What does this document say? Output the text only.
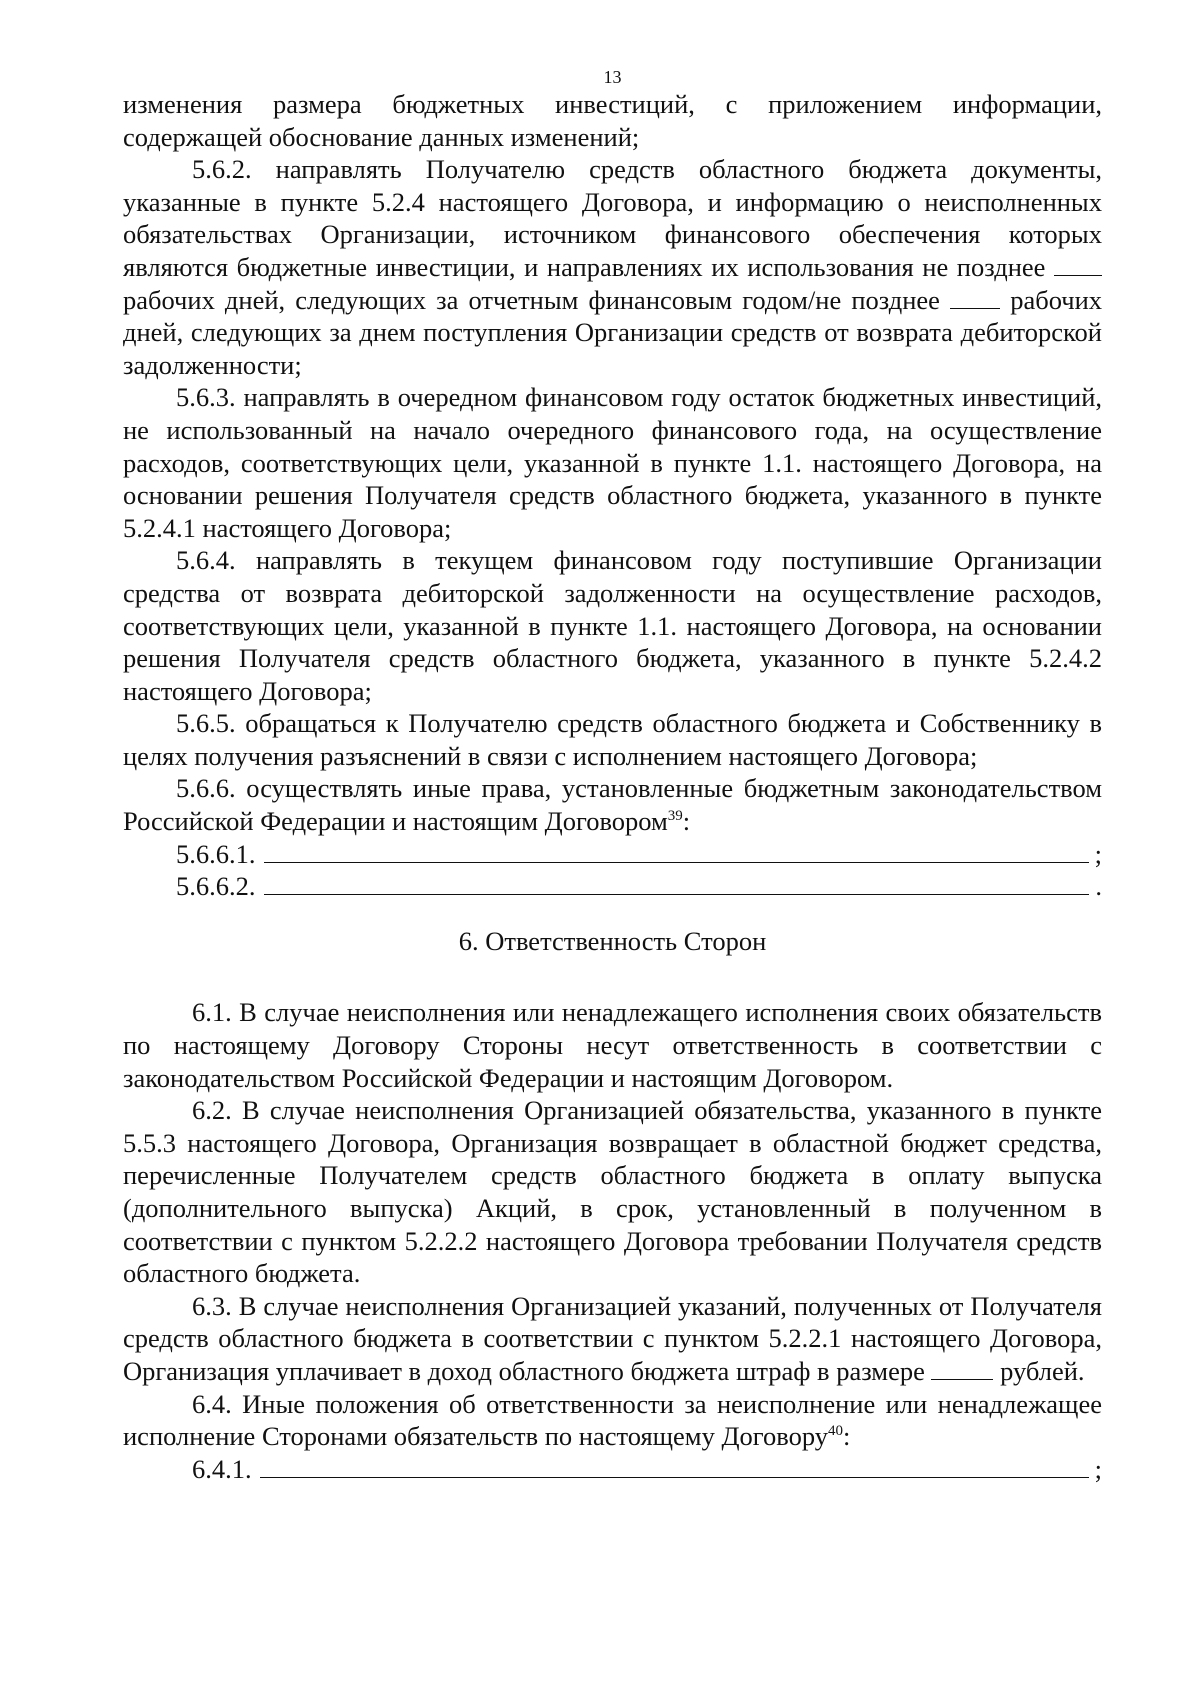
13

изменения размера бюджетных инвестиций, с приложением информации, содержащей обоснование данных изменений;

5.6.2. направлять Получателю средств областного бюджета документы, указанные в пункте 5.2.4 настоящего Договора, и информацию о неисполненных обязательствах Организации, источником финансового обеспечения которых являются бюджетные инвестиции, и направлениях их использования не позднее  рабочих дней, следующих за отчетным финансовым годом/не позднее	рабочих дней, следующих за днем поступления Организации средств от возврата дебиторской задолженности;

5.6.3. направлять в очередном финансовом году остаток бюджетных инвестиций, не использованный на начало очередного финансового года, на осуществление расходов, соответствующих цели, указанной в пункте 1.1. настоящего Договора, на основании решения Получателя средств областного бюджета, указанного в пункте 5.2.4.1 настоящего Договора;

5.6.4. направлять в текущем финансовом году поступившие Организации средства от возврата дебиторской задолженности на осуществление расходов, соответствующих цели, указанной в пункте 1.1. настоящего Договора, на основании решения Получателя средств областного бюджета, указанного в пункте 5.2.4.2 настоящего Договора;

5.6.5. обращаться к Получателю средств областного бюджета и Собственнику в целях получения разъяснений в связи с исполнением настоящего Договора;

5.6.6. осуществлять иные права, установленные бюджетным законодательством Российской Федерации и настоящим Договором$^{39}$:

5.6.6.1.	;
5.6.6.2.	.
6. Ответственность Сторон

6.1. В случае неисполнения или ненадлежащего исполнения своих обязательств по настоящему Договору Стороны несут ответственность в соответствии с законодательством Российской Федерации и настоящим Договором.

6.2. В случае неисполнения Организацией обязательства, указанного в пункте 5.5.3 настоящего Договора, Организация возвращает в областной бюджет средства, перечисленные Получателем средств областного бюджета в оплату выпуска (дополнительного выпуска) Акций, в срок, установленный в полученном в соответствии с пунктом 5.2.2.2 настоящего Договора требовании Получателя средств областного бюджета.

6.3. В случае неисполнения Организацией указаний, полученных от Получателя средств областного бюджета в соответствии с пунктом 5.2.2.1 настоящего Договора, Организация уплачивает в доход областного бюджета штраф в размере	рублей.

6.4. Иные положения об ответственности за неисполнение или ненадлежащее исполнение Сторонами обязательств по настоящему Договору$^{40}$:

6.4.1.	;
